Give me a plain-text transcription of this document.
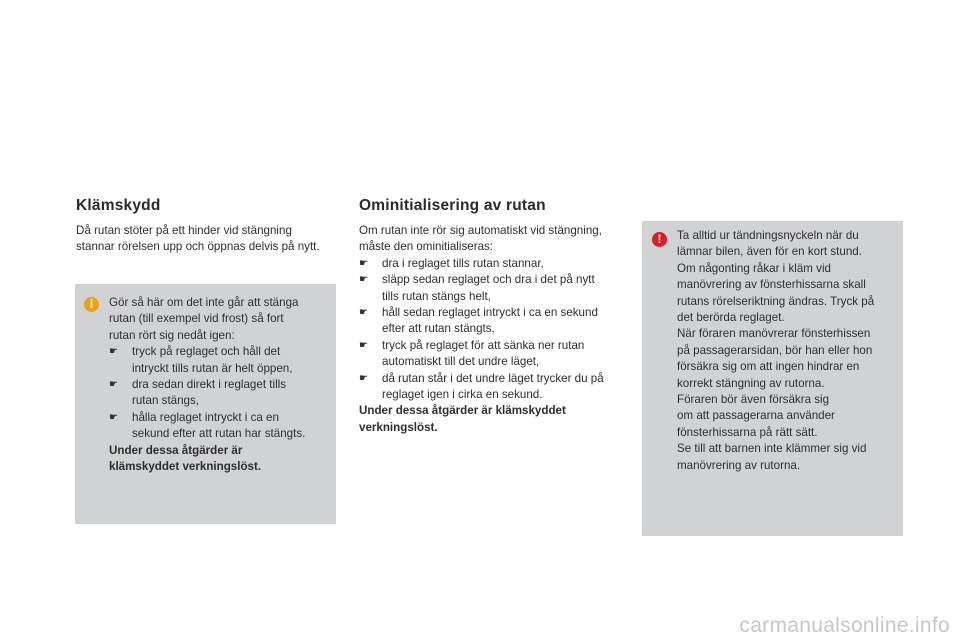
Klämskydd
Då rutan stöter på ett hinder vid stängning
stannar rörelsen upp och öppnas delvis på nytt.
i	Gör så här om det inte går att stänga
rutan (till exempel vid frost) så fort
rutan rört sig nedåt igen:
☛	tryck på reglaget och håll det
intryckt tills rutan är helt öppen,
☛	dra sedan direkt i reglaget tills
rutan stängs,
☛	hålla reglaget intryckt i ca en
sekund efter att rutan har stängts.
Under dessa åtgärder är
klämskyddet verkningslöst.
Ominitialisering av rutan
Om rutan inte rör sig automatiskt vid stängning,
måste den ominitialiseras:
☛	dra i reglaget tills rutan stannar,
☛	släpp sedan reglaget och dra i det på nytt
tills rutan stängs helt,
☛	håll sedan reglaget intryckt i ca en sekund
efter att rutan stängts,
☛	tryck på reglaget för att sänka ner rutan
automatiskt till det undre läget,
☛	då rutan står i det undre läget trycker du på
reglaget igen i cirka en sekund.
Under dessa åtgärder är klämskyddet
verkningslöst.
!	Ta alltid ur tändningsnyckeln när du
lämnar bilen, även för en kort stund.
Om någonting råkar i kläm vid
manövrering av fönsterhissarna skall
rutans rörelseriktning ändras. Tryck på
det berörda reglaget.
När föraren manövrerar fönsterhissen
på passagerarsidan, bör han eller hon
försäkra sig om att ingen hindrar en
korrekt stängning av rutorna.
Föraren bör även försäkra sig
om att passagerarna använder
fönsterhissarna på rätt sätt.
Se till att barnen inte klämmer sig vid
manövrering av rutorna.
carmanualsonline.info
